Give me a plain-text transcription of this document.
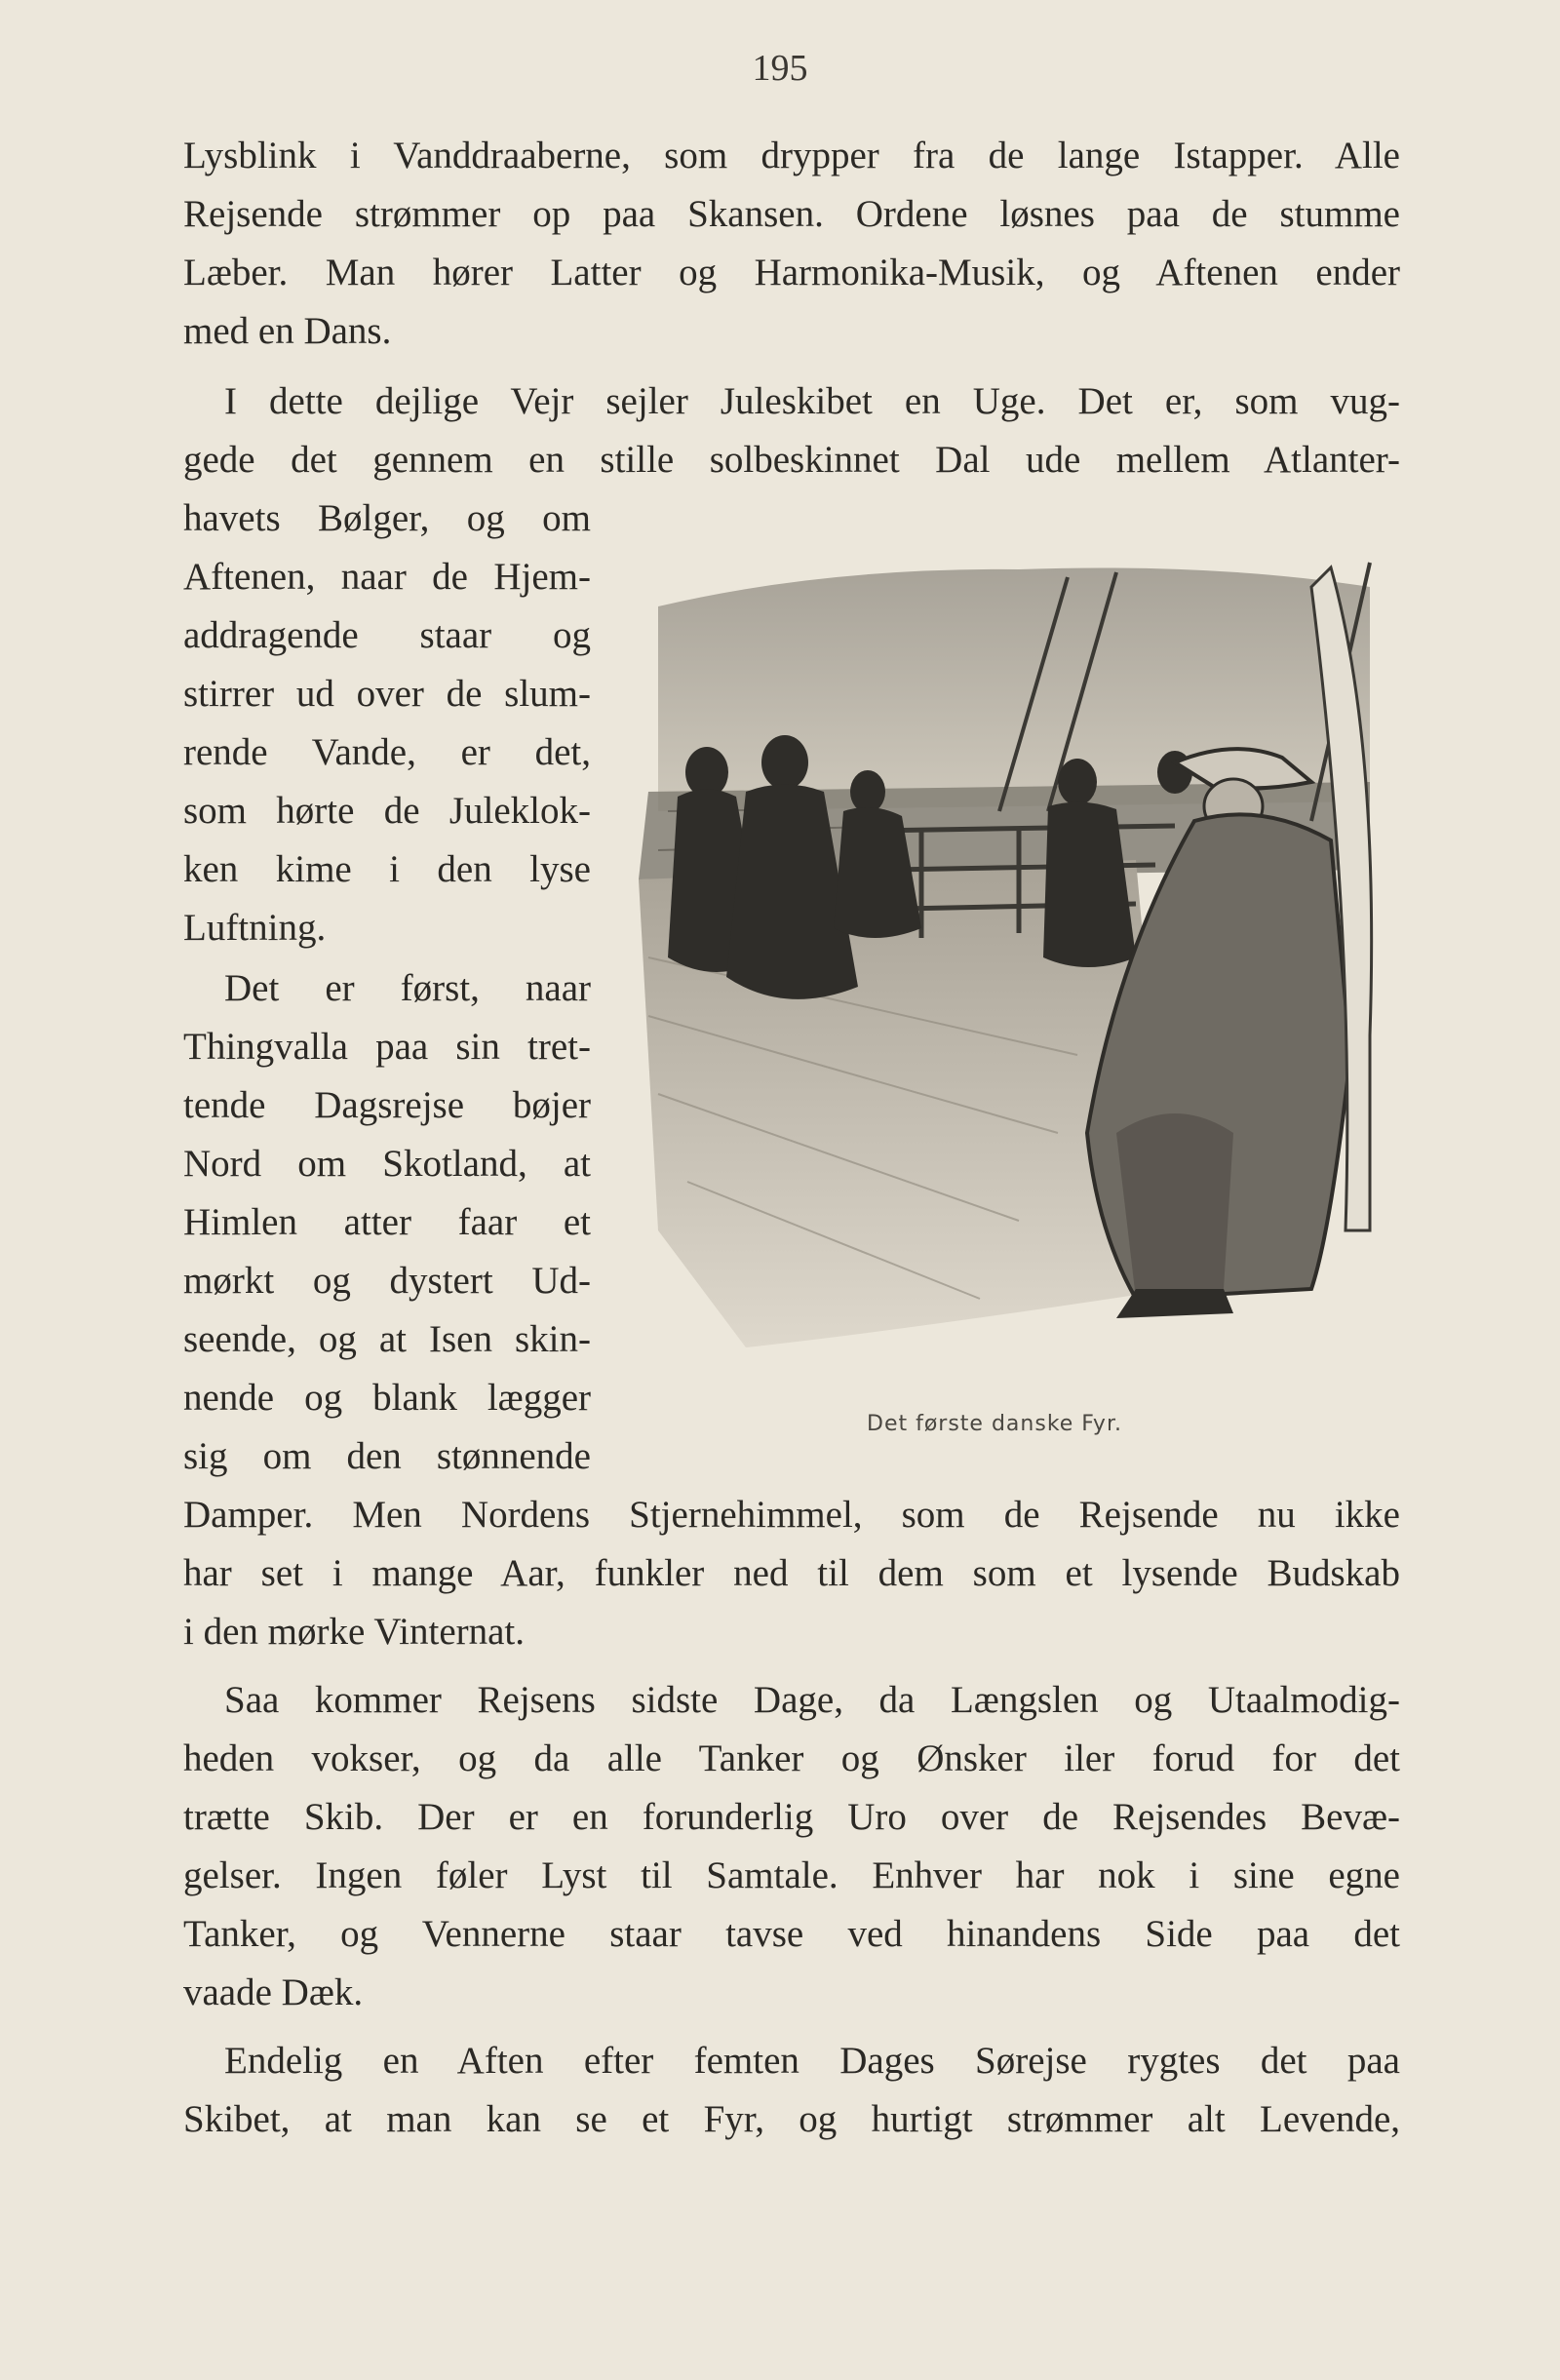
195
Lysblink i Vanddraaberne, som drypper fra de lange Istapper. Alle
Rejsende strømmer op paa Skansen. Ordene løsnes paa de stumme
Læber. Man hører Latter og Harmonika-Musik, og Aftenen ender
med en Dans.
I dette dejlige Vejr sejler Juleskibet en Uge. Det er, som vug-
gede det gennem en stille solbeskinnet Dal ude mellem Atlanter-
havets Bølger, og om
Aftenen, naar de Hjem-
addragende staar og
stirrer ud over de slum-
rende Vande, er det,
som hørte de Juleklok-
ken kime i den lyse
Luftning.
Det er først, naar
Thingvalla paa sin tret-
tende Dagsrejse bøjer
Nord om Skotland, at
Himlen atter faar et
mørkt og dystert Ud-
seende, og at Isen skin-
nende og blank lægger
sig om den stønnende
Damper. Men Nordens Stjernehimmel, som de Rejsende nu ikke
har set i mange Aar, funkler ned til dem som et lysende Budskab
i den mørke Vinternat.
Saa kommer Rejsens sidste Dage, da Længslen og Utaalmodig-
heden vokser, og da alle Tanker og Ønsker iler forud for det
trætte Skib. Der er en forunderlig Uro over de Rejsendes Bevæ-
gelser. Ingen føler Lyst til Samtale. Enhver har nok i sine egne
Tanker, og Vennerne staar tavse ved hinandens Side paa det
vaade Dæk.
Endelig en Aften efter femten Dages Sørejse rygtes det paa
Skibet, at man kan se et Fyr, og hurtigt strømmer alt Levende,
Det første danske Fyr.
